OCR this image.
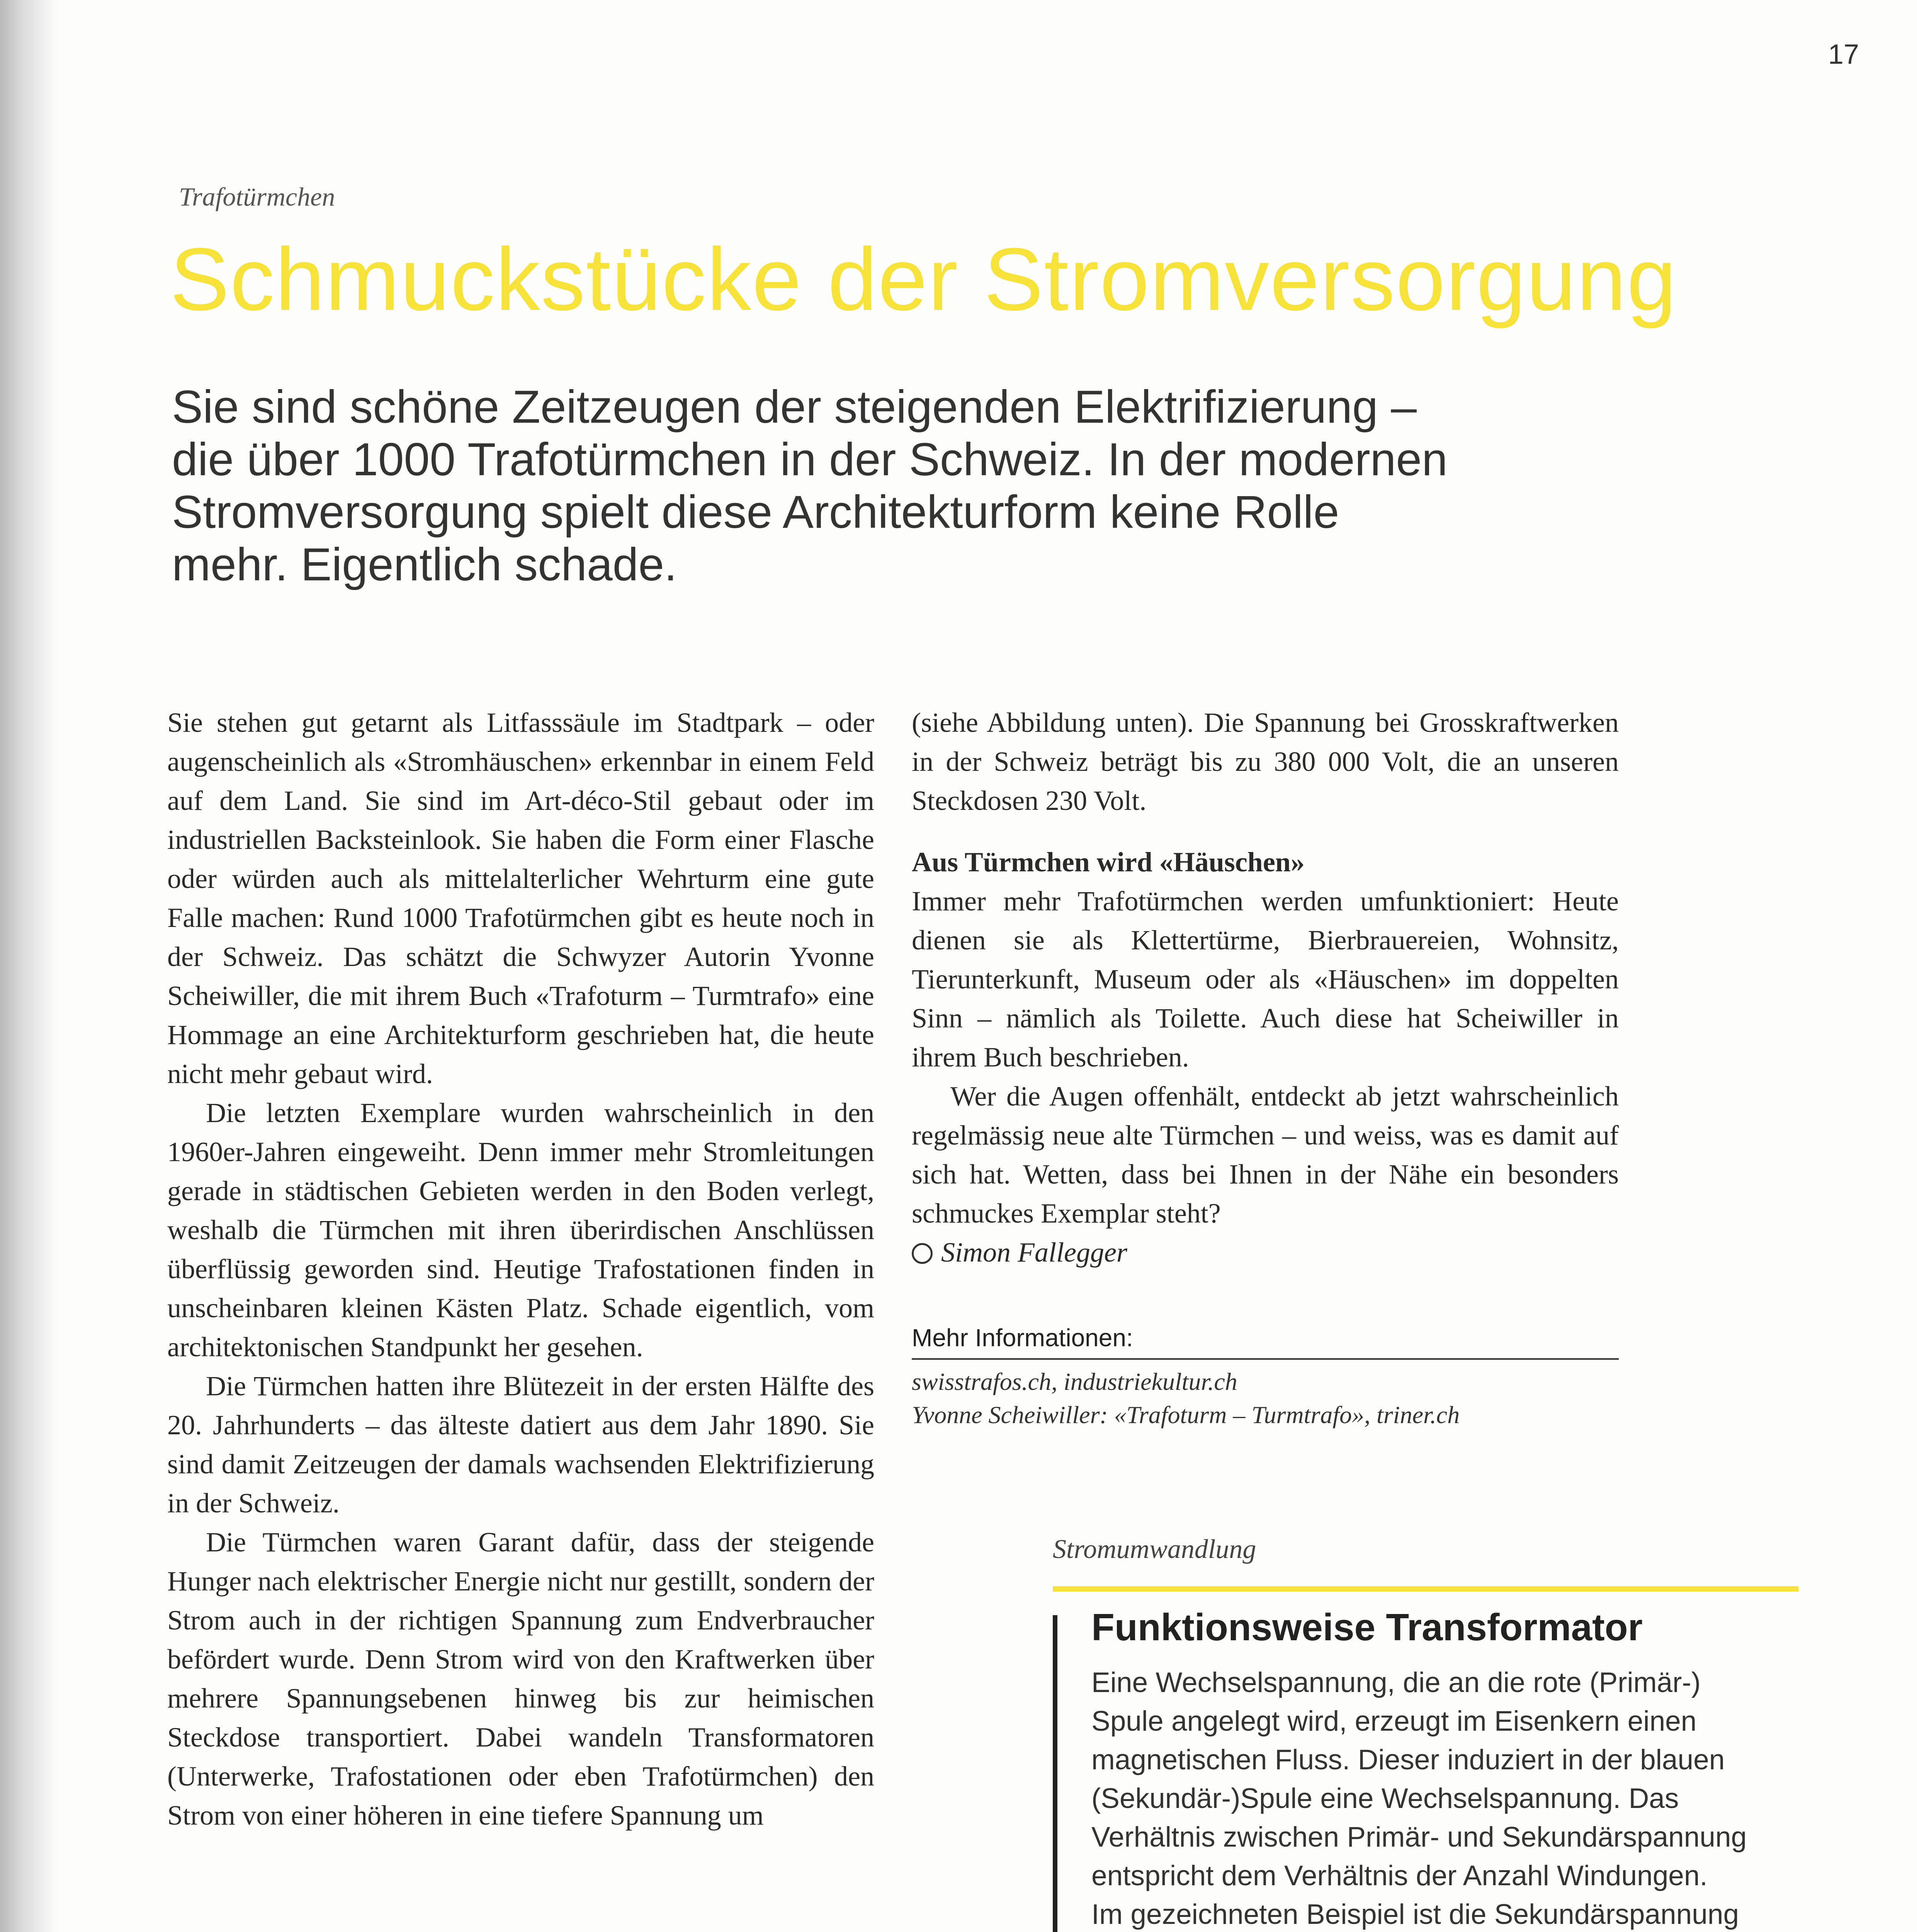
17
Trafotürmchen
Schmuckstücke der Stromversorgung
Sie sind schöne Zeitzeugen der steigenden Elektrifizierung –
die über 1000 Trafotürmchen in der Schweiz. In der modernen
Stromversorgung spielt diese Architekturform keine Rolle
mehr. Eigentlich schade.

Sie stehen gut getarnt als Litfasssäule im Stadtpark – oder augenscheinlich als «Stromhäuschen» erkennbar in einem Feld auf dem Land. Sie sind im Art-déco-Stil gebaut oder im industriellen Backsteinlook. Sie haben die Form einer Flasche oder würden auch als mittelalterlicher Wehrturm eine gute Falle machen: Rund 1000 Trafotürmchen gibt es heute noch in der Schweiz. Das schätzt die Schwyzer Autorin Yvonne Scheiwiller, die mit ihrem Buch «Trafoturm – Turmtrafo» eine Hommage an eine Architekturform geschrieben hat, die heute nicht mehr gebaut wird.

Die letzten Exemplare wurden wahrscheinlich in den 1960er-Jahren eingeweiht. Denn immer mehr Stromleitungen gerade in städtischen Gebieten werden in den Boden verlegt, weshalb die Türmchen mit ihren überirdischen Anschlüssen überflüssig geworden sind. Heutige Trafostationen finden in unscheinbaren kleinen Kästen Platz. Schade eigentlich, vom architektonischen Standpunkt her gesehen.

Die Türmchen hatten ihre Blütezeit in der ersten Hälfte des 20. Jahrhunderts – das älteste datiert aus dem Jahr 1890. Sie sind damit Zeitzeugen der damals wachsenden Elektrifizierung in der Schweiz.

Die Türmchen waren Garant dafür, dass der steigende Hunger nach elektrischer Energie nicht nur gestillt, sondern der Strom auch in der richtigen Spannung zum Endverbraucher befördert wurde. Denn Strom wird von den Kraftwerken über mehrere Spannungsebenen hinweg bis zur heimischen Steckdose transportiert. Dabei wandeln Transformatoren (Unterwerke, Trafostationen oder eben Trafotürmchen) den Strom von einer höheren in eine tiefere Spannung um

(siehe Abbildung unten). Die Spannung bei Grosskraftwerken in der Schweiz beträgt bis zu 380 000 Volt, die an unseren Steckdosen 230 Volt.

Aus Türmchen wird «Häuschen»

Immer mehr Trafotürmchen werden umfunktioniert: Heute dienen sie als Klettertürme, Bierbrauereien, Wohnsitz, Tierunterkunft, Museum oder als «Häuschen» im doppelten Sinn – nämlich als Toilette. Auch diese hat Scheiwiller in ihrem Buch beschrieben.

Wer die Augen offenhält, entdeckt ab jetzt wahrscheinlich regelmässig neue alte Türmchen – und weiss, was es damit auf sich hat. Wetten, dass bei Ihnen in der Nähe ein besonders schmuckes Exemplar steht?

Simon Fallegger

Mehr Informationen:
swisstrafos.ch, industriekultur.ch
Yvonne Scheiwiller: «Trafoturm – Turmtrafo», triner.ch
Stromumwandlung
Funktionsweise Transformator
Eine Wechselspannung, die an die rote (Primär-)
Spule angelegt wird, erzeugt im Eisenkern einen
magnetischen Fluss. Dieser induziert in der blauen
(Sekundär-)Spule eine Wechselspannung. Das
Verhältnis zwischen Primär- und Sekundärspannung
entspricht dem Verhältnis der Anzahl Windungen.
Im gezeichneten Beispiel ist die Sekundärspannung
